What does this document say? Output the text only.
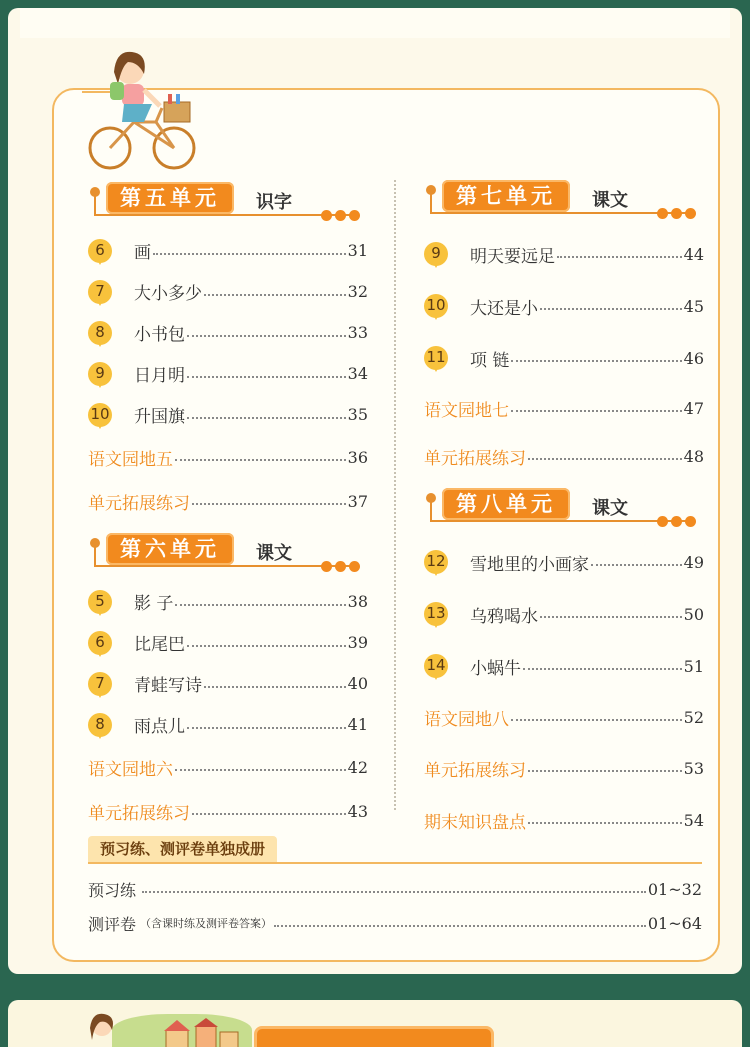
第五单元	识字
6	画	31
7	大小多少	32
8	小书包	33
9	日月明	34
10 升国旗	35
语文园地五	36
单元拓展练习	37
第六单元	课文
5	影 子	38
6	比尾巴	39
7	青蛙写诗	40
8	雨点儿	41
语文园地六	42
单元拓展练习	43
第七单元	课文
9	明天要远足	44
10 大还是小	45
11 项 链	46
语文园地七	47
单元拓展练习	48
第八单元	课文
12 雪地里的小画家	49
13 乌鸦喝水	50
14 小蜗牛	51
语文园地八	52
单元拓展练习	53
期末知识盘点	54
预习练、测评卷单独成册
预习练	01~32
测评卷 （含课时练及测评卷答案）	01~64
